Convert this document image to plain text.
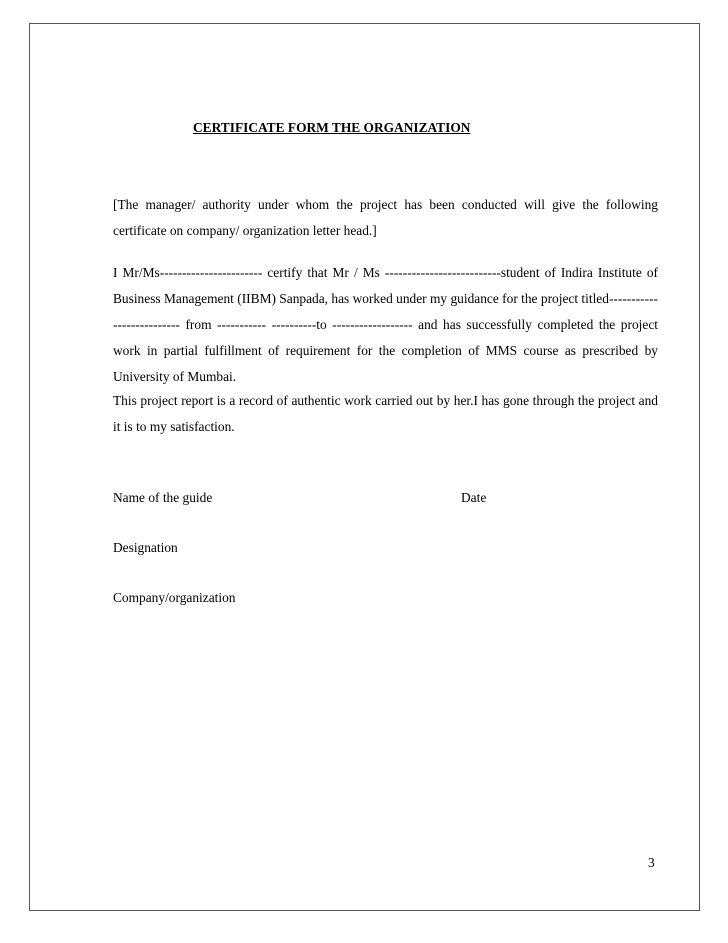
CERTIFICATE FORM THE ORGANIZATION

[The manager/ authority under whom the project has been conducted will give the following certificate on company/ organization letter head.]

I Mr/Ms----------------------- certify that Mr / Ms --------------------------student of Indira Institute of Business Management (IIBM) Sanpada, has worked under my guidance for the project titled-------------------------- from ----------- ----------to ------------------ and has successfully completed the project work in partial fulfillment of requirement for the completion of MMS course as prescribed by University of Mumbai.

This project report is a record of authentic work carried out by her.I has gone through the project and it is to my satisfaction.

Name of the guide	Date
Designation
Company/organization
3
